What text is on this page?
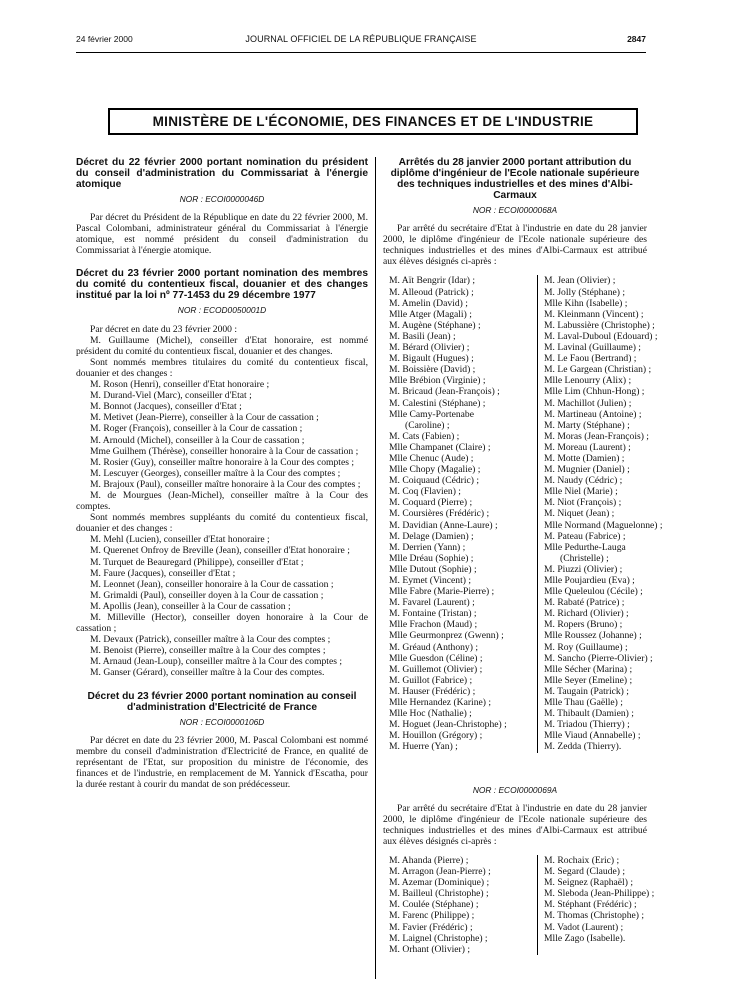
24 février 2000	JOURNAL OFFICIEL DE LA RÉPUBLIQUE FRANÇAISE	2847
MINISTÈRE DE L'ÉCONOMIE, DES FINANCES ET DE L'INDUSTRIE
Décret du 22 février 2000 portant nomination du président du conseil d'administration du Commissariat à l'énergie atomique
NOR : ECOI0000046D

Par décret du Président de la République en date du 22 février 2000, M. Pascal Colombani, administrateur général du Commissariat à l'énergie atomique, est nommé président du conseil d'administration du Commissariat à l'énergie atomique.

Décret du 23 février 2000 portant nomination des membres du comité du contentieux fiscal, douanier et des changes institué par la loi nº 77-1453 du 29 décembre 1977
NOR : ECOD0050001D

Par décret en date du 23 février 2000 :

M. Guillaume (Michel), conseiller d'Etat honoraire, est nommé président du comité du contentieux fiscal, douanier et des changes.

Sont nommés membres titulaires du comité du contentieux fiscal, douanier et des changes :

M. Roson (Henri), conseiller d'Etat honoraire ;

M. Durand-Viel (Marc), conseiller d'Etat ;

M. Bonnot (Jacques), conseiller d'Etat ;

M. Metivet (Jean-Pierre), conseiller à la Cour de cassation ;

M. Roger (François), conseiller à la Cour de cassation ;

M. Arnould (Michel), conseiller à la Cour de cassation ;

Mme Guilhem (Thérèse), conseiller honoraire à la Cour de cassation ;

M. Rosier (Guy), conseiller maître honoraire à la Cour des comptes ;

M. Lescuyer (Georges), conseiller maître à la Cour des comptes ;

M. Brajoux (Paul), conseiller maître honoraire à la Cour des comptes ;

M. de Mourgues (Jean-Michel), conseiller maître à la Cour des comptes.

Sont nommés membres suppléants du comité du contentieux fiscal, douanier et des changes :

M. Mehl (Lucien), conseiller d'Etat honoraire ;

M. Querenet Onfroy de Breville (Jean), conseiller d'Etat honoraire ;

M. Turquet de Beauregard (Philippe), conseiller d'Etat ;

M. Faure (Jacques), conseiller d'Etat ;

M. Leonnet (Jean), conseiller honoraire à la Cour de cassation ;

M. Grimaldi (Paul), conseiller doyen à la Cour de cassation ;

M. Apollis (Jean), conseiller à la Cour de cassation ;

M. Milleville (Hector), conseiller doyen honoraire à la Cour de cassation ;

M. Devaux (Patrick), conseiller maître à la Cour des comptes ;

M. Benoist (Pierre), conseiller maître à la Cour des comptes ;

M. Arnaud (Jean-Loup), conseiller maître à la Cour des comptes ;

M. Ganser (Gérard), conseiller maître à la Cour des comptes.

Décret du 23 février 2000 portant nomination au conseil d'administration d'Electricité de France
NOR : ECOI0000106D

Par décret en date du 23 février 2000, M. Pascal Colombani est nommé membre du conseil d'administration d'Electricité de France, en qualité de représentant de l'Etat, sur proposition du ministre de l'économie, des finances et de l'industrie, en remplacement de M. Yannick d'Escatha, pour la durée restant à courir du mandat de son prédécesseur.

Arrêtés du 28 janvier 2000 portant attribution du diplôme d'ingénieur de l'Ecole nationale supérieure des techniques industrielles et des mines d'Albi-Carmaux
NOR : ECOI0000068A

Par arrêté du secrétaire d'Etat à l'industrie en date du 28 janvier 2000, le diplôme d'ingénieur de l'Ecole nationale supérieure des techniques industrielles et des mines d'Albi-Carmaux est attribué aux élèves désignés ci-après :

M. Aït Bengrir (Idar) ;
M. Alleoud (Patrick) ;
M. Amelin (David) ;
Mlle Atger (Magali) ;
M. Augène (Stéphane) ;
M. Basili (Jean) ;
M. Bérard (Olivier) ;
M. Bigault (Hugues) ;
M. Boissière (David) ;
Mlle Brébion (Virginie) ;
M. Bricaud (Jean-François) ;
M. Calestini (Stéphane) ;
Mlle Camy-Portenabe
(Caroline) ;
M. Cats (Fabien) ;
Mlle Champanet (Claire) ;
Mlle Chenuc (Aude) ;
Mlle Chopy (Magalie) ;
M. Coiquaud (Cédric) ;
M. Coq (Flavien) ;
M. Coquard (Pierre) ;
M. Coursières (Frédéric) ;
M. Davidian (Anne-Laure) ;
M. Delage (Damien) ;
M. Derrien (Yann) ;
Mlle Dréau (Sophie) ;
Mlle Dutout (Sophie) ;
M. Eymet (Vincent) ;
Mlle Fabre (Marie-Pierre) ;
M. Favarel (Laurent) ;
M. Fontaine (Tristan) ;
Mlle Frachon (Maud) ;
Mlle Geurmonprez (Gwenn) ;
M. Gréaud (Anthony) ;
Mlle Guesdon (Céline) ;
M. Guillemot (Olivier) ;
M. Guillot (Fabrice) ;
M. Hauser (Frédéric) ;
Mlle Hernandez (Karine) ;
Mlle Hoc (Nathalie) ;
M. Hoguet (Jean-Christophe) ;
M. Houillon (Grégory) ;
M. Huerre (Yan) ;
M. Jean (Olivier) ;
M. Jolly (Stéphane) ;
Mlle Kihn (Isabelle) ;
M. Kleinmann (Vincent) ;
M. Labussière (Christophe) ;
M. Laval-Duboul (Edouard) ;
M. Lavinal (Guillaume) ;
M. Le Faou (Bertrand) ;
M. Le Gargean (Christian) ;
Mlle Lenourry (Alix) ;
Mlle Lim (Chhun-Hong) ;
M. Machillot (Julien) ;
M. Martineau (Antoine) ;
M. Marty (Stéphane) ;
M. Moras (Jean-François) ;
M. Moreau (Laurent) ;
M. Motte (Damien) ;
M. Mugnier (Daniel) ;
M. Naudy (Cédric) ;
Mlle Niel (Marie) ;
M. Niot (François) ;
M. Niquet (Jean) ;
Mlle Normand (Maguelonne) ;
M. Pateau (Fabrice) ;
Mlle Pedurthe-Lauga
(Christelle) ;
M. Piuzzi (Olivier) ;
Mlle Poujardieu (Eva) ;
Mlle Queleulou (Cécile) ;
M. Rabaté (Patrice) ;
M. Richard (Olivier) ;
M. Ropers (Bruno) ;
Mlle Roussez (Johanne) ;
M. Roy (Guillaume) ;
M. Sancho (Pierre-Olivier) ;
Mlle Sécher (Marina) ;
Mlle Seyer (Emeline) ;
M. Taugain (Patrick) ;
Mlle Thau (Gaëlle) ;
M. Thibault (Damien) ;
M. Triadou (Thierry) ;
Mlle Viaud (Annabelle) ;
M. Zedda (Thierry).
NOR : ECOI0000069A

Par arrêté du secrétaire d'Etat à l'industrie en date du 28 janvier 2000, le diplôme d'ingénieur de l'Ecole nationale supérieure des techniques industrielles et des mines d'Albi-Carmaux est attribué aux élèves désignés ci-après :

M. Ahanda (Pierre) ;
M. Arragon (Jean-Pierre) ;
M. Azemar (Dominique) ;
M. Bailleul (Christophe) ;
M. Coulée (Stéphane) ;
M. Farenc (Philippe) ;
M. Favier (Frédéric) ;
M. Laignel (Christophe) ;
M. Orhant (Olivier) ;
M. Rochaix (Eric) ;
M. Segard (Claude) ;
M. Seignez (Raphaël) ;
M. Sleboda (Jean-Philippe) ;
M. Stéphant (Frédéric) ;
M. Thomas (Christophe) ;
M. Vadot (Laurent) ;
Mlle Zago (Isabelle).
